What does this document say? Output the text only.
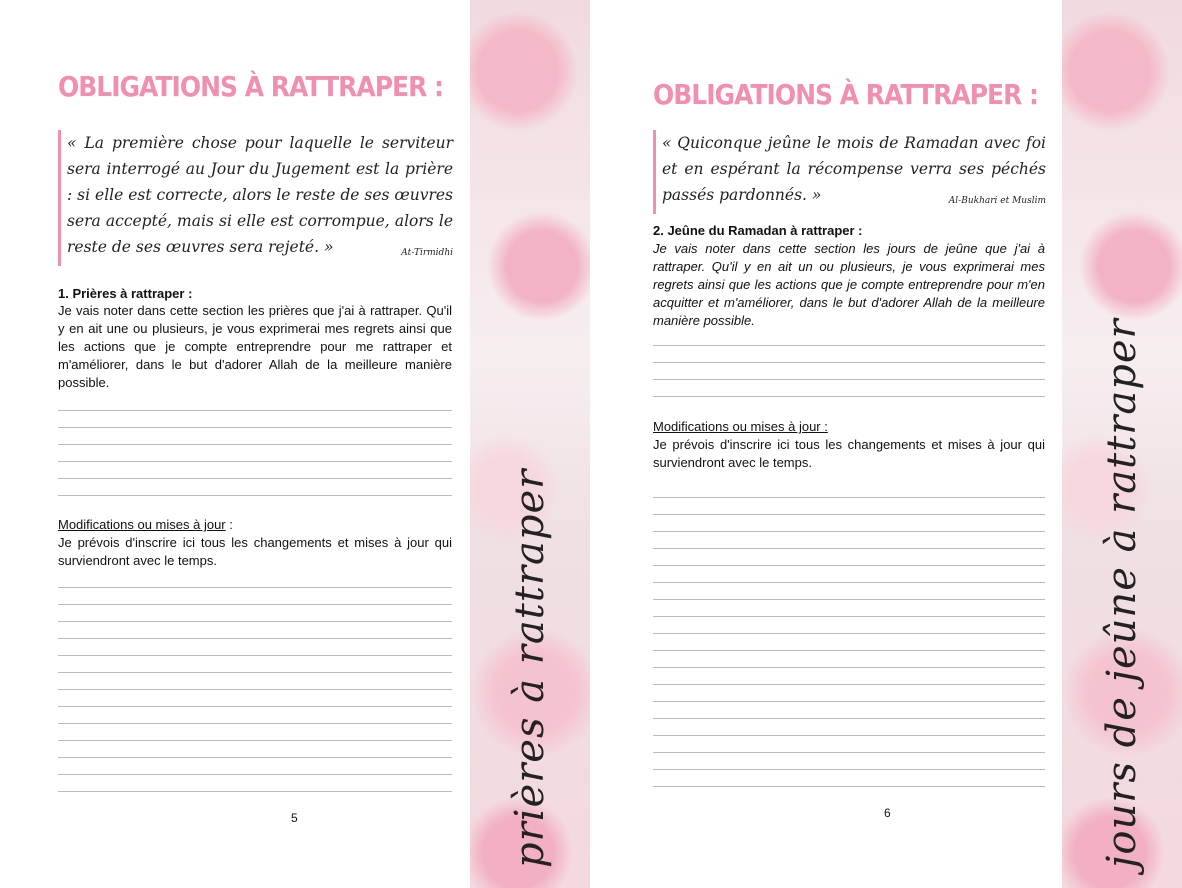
OBLIGATIONS À RATTRAPER :
« La première chose pour laquelle le serviteur sera interrogé au Jour du Jugement est la prière : si elle est correcte, alors le reste de ses œuvres sera accepté, mais si elle est corrompue, alors le reste de ses œuvres sera rejeté. »	At-Tirmidhi
1. Prières à rattraper :
Je vais noter dans cette section les prières que j'ai à rattraper. Qu'il y en ait une ou plusieurs, je vous exprimerai mes regrets ainsi que les actions que je compte entreprendre pour me rattraper et m'améliorer, dans le but d'adorer Allah de la meilleure manière possible.
Modifications ou mises à jour :
Je prévois d'inscrire ici tous les changements et mises à jour qui surviendront avec le temps.
5	prières à rattraper
OBLIGATIONS À RATTRAPER :
« Quiconque jeûne le mois de Ramadan avec foi et en espérant la récompense verra ses péchés passés pardonnés. »	Al-Bukhari et Muslim
2. Jeûne du Ramadan à rattraper :
Je vais noter dans cette section les jours de jeûne que j'ai à rattraper. Qu'il y en ait un ou plusieurs, je vous exprimerai mes regrets ainsi que les actions que je compte entreprendre pour m'en acquitter et m'améliorer, dans le but d'adorer Allah de la meilleure manière possible.
Modifications ou mises à jour :
Je prévois d'inscrire ici tous les changements et mises à jour qui surviendront avec le temps.
6	jours de jeûne à rattraper
